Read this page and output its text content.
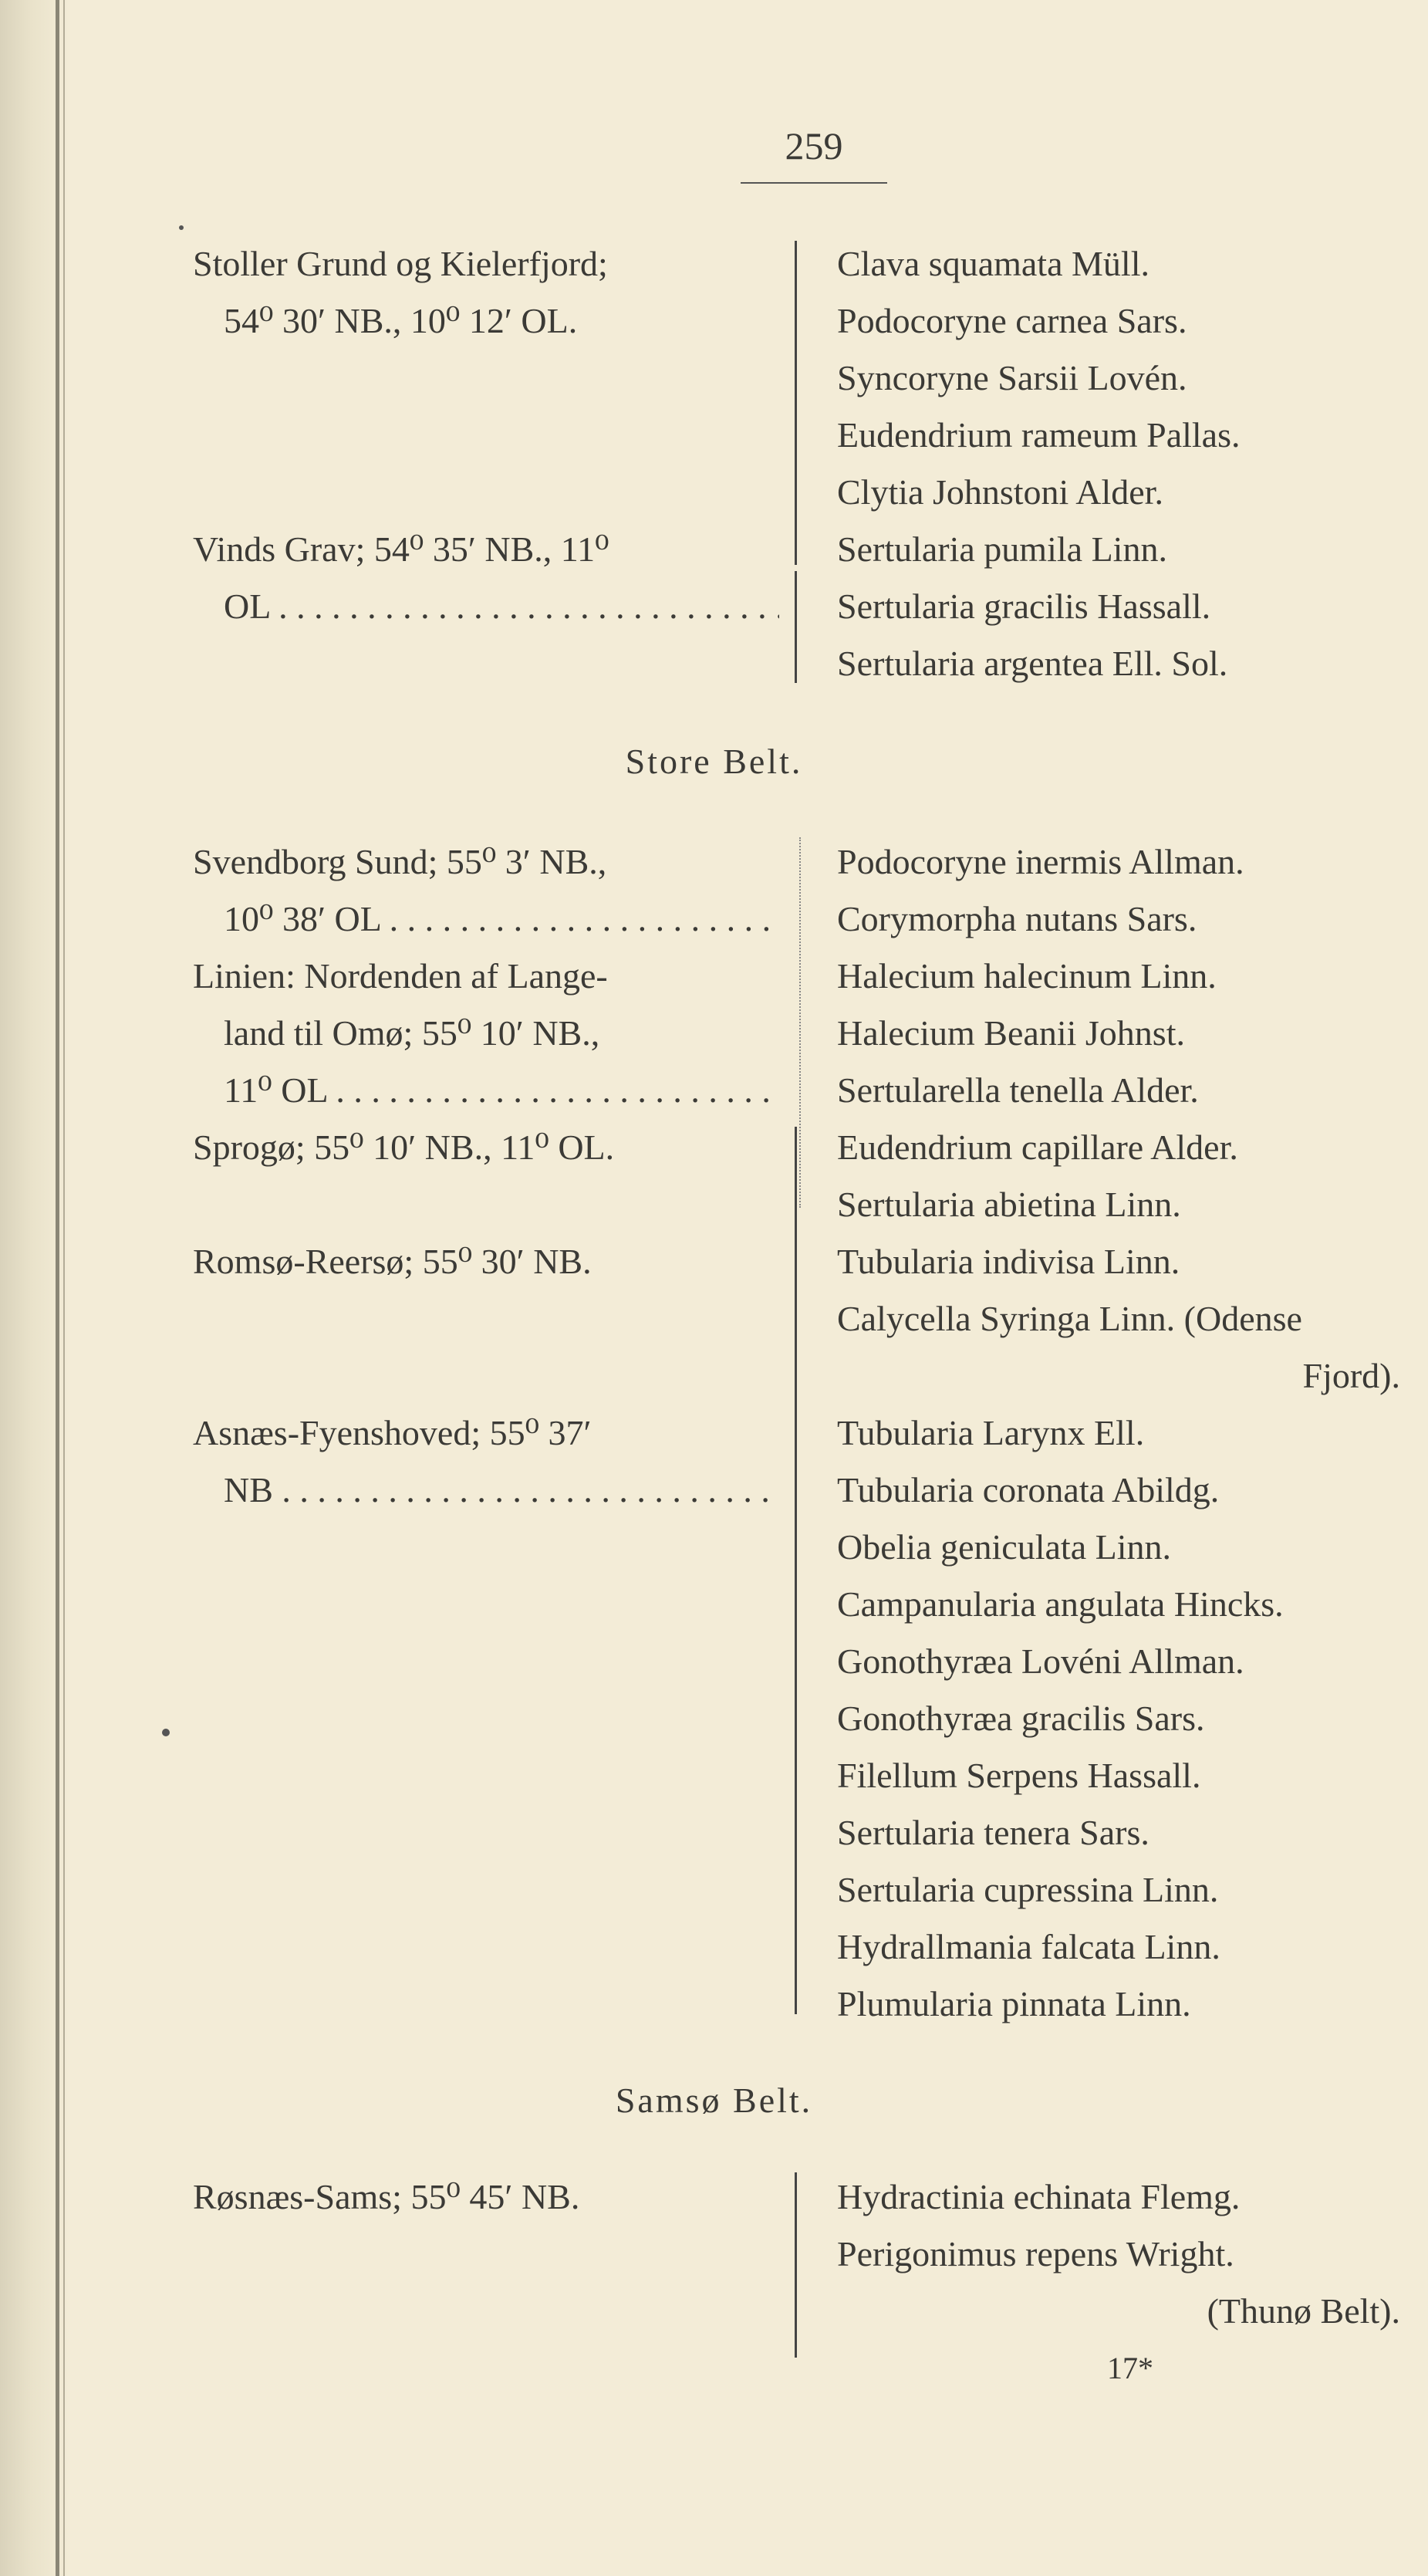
259
Stoller Grund og Kielerfjord;
54⁰ 30′ NB., 10⁰ 12′ OL.
Vinds Grav; 54⁰ 35′ NB., 11⁰
OL . . .
Clava squamata Müll.
Podocoryne carnea Sars.
Syncoryne Sarsii Lovén.
Eudendrium rameum Pallas.
Clytia Johnstoni Alder.
Sertularia pumila Linn.
Sertularia gracilis Hassall.
Sertularia argentea Ell. Sol.
Store Belt.
Svendborg Sund; 55⁰ 3′ NB.,
10⁰ 38′ OL . . .
Linien: Nordenden af Lange-
land til Omø; 55⁰ 10′ NB.,
11⁰ OL . . .
Sprogø; 55⁰ 10′ NB., 11⁰ OL.
Romsø-Reersø; 55⁰ 30′ NB.
Asnæs-Fyenshoved; 55⁰ 37′
NB . . .
Podocoryne inermis Allman.
Corymorpha nutans Sars.
Halecium halecinum Linn.
Halecium Beanii Johnst.
Sertularella tenella Alder.
Eudendrium capillare Alder.
Sertularia abietina Linn.
Tubularia indivisa Linn.
Calycella Syringa Linn. (Odense
Fjord).
Tubularia Larynx Ell.
Tubularia coronata Abildg.
Obelia geniculata Linn.
Campanularia angulata Hincks.
Gonothyræa Lovéni Allman.
Gonothyræa gracilis Sars.
Filellum Serpens Hassall.
Sertularia tenera Sars.
Sertularia cupressina Linn.
Hydrallmania falcata Linn.
Plumularia pinnata Linn.
Samsø Belt.
Røsnæs-Sams; 55⁰ 45′ NB.	Hydractinia echinata Flemg.
Perigonimus repens Wright.
(Thunø Belt).
17*
